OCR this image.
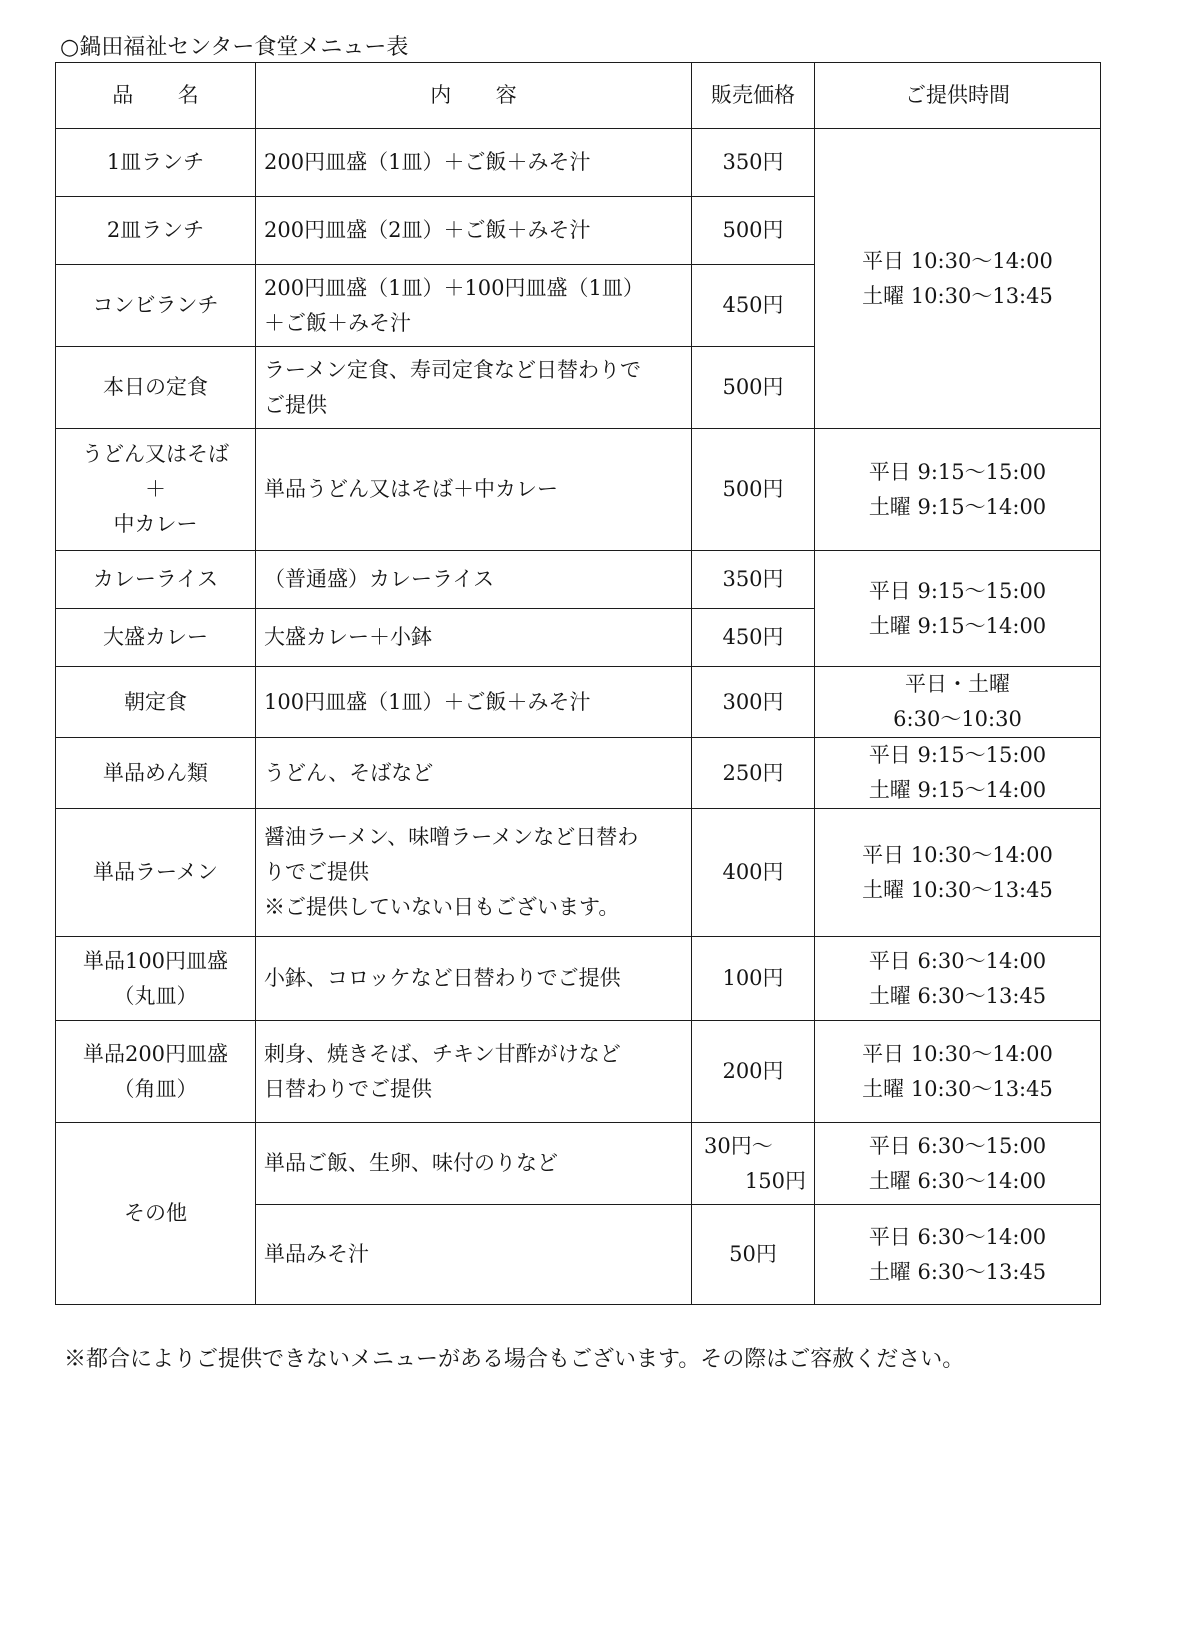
○鍋田福祉センター食堂メニュー表
品 名	内 容	販売価格	ご提供時間

1皿ランチ	200円皿盛（1皿）＋ご飯＋みそ汁	350円	平日 10:30～14:00
土曜 10:30～13:45

2皿ランチ	200円皿盛（2皿）＋ご飯＋みそ汁	500円	

コンビランチ	200円皿盛（1皿）＋100円皿盛（1皿）
＋ご飯＋みそ汁	450円	

本日の定食	ラーメン定食、寿司定食など日替わりで
ご提供	500円	

うどん又はそば
＋
中カレー	単品うどん又はそば＋中カレー	500円	平日 9:15～15:00
土曜 9:15～14:00

カレーライス	（普通盛）カレーライス	350円	平日 9:15～15:00
土曜 9:15～14:00

大盛カレー	大盛カレー＋小鉢	450円	

朝定食	100円皿盛（1皿）＋ご飯＋みそ汁	300円	平日・土曜
6:30～10:30

単品めん類	うどん、そばなど	250円	平日 9:15～15:00
土曜 9:15～14:00

単品ラーメン	醤油ラーメン、味噌ラーメンなど日替わ
りでご提供
※ご提供していない日もございます。	400円	平日 10:30～14:00
土曜 10:30～13:45

単品100円皿盛
（丸皿）	小鉢、コロッケなど日替わりでご提供	100円	平日 6:30～14:00
土曜 6:30～13:45

単品200円皿盛
（角皿）	刺身、焼きそば、チキン甘酢がけなど
日替わりでご提供	200円	平日 10:30～14:00
土曜 10:30～13:45

その他	単品ご飯、生卵、味付のりなど	30円～
150円	平日 6:30～15:00
土曜 6:30～14:00

	単品みそ汁	50円	平日 6:30～14:00
土曜 6:30～13:45
※都合によりご提供できないメニューがある場合もございます。その際はご容赦ください。
